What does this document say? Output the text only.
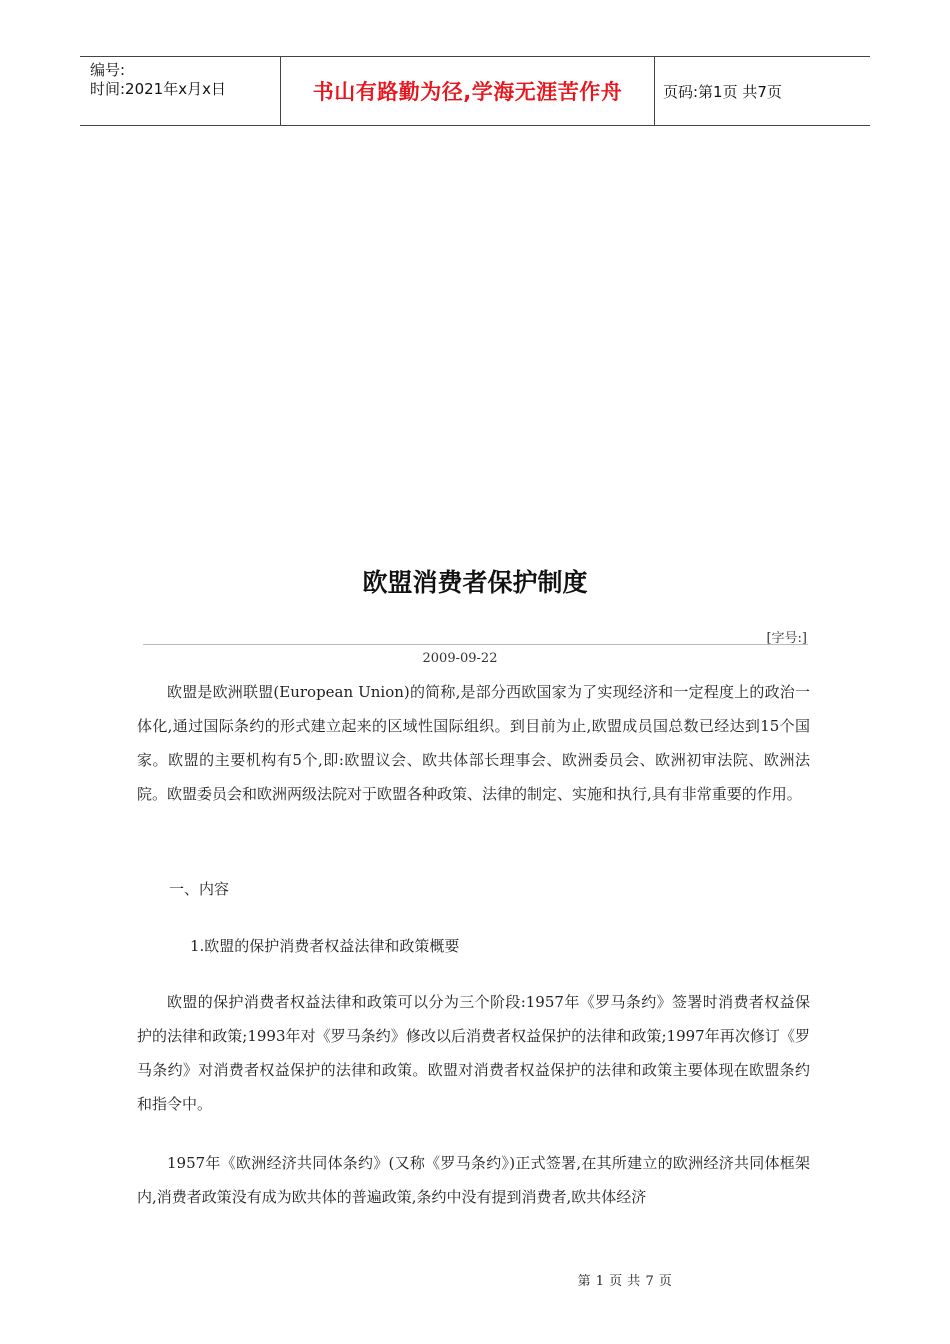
编号:
时间:2021年x月x日	书山有路勤为径,学海无涯苦作舟	页码:第1页 共7页
欧盟消费者保护制度
[字号:]
2009-09-22

欧盟是欧洲联盟(European Union)的简称,是部分西欧国家为了实现经济和一定程度上的政治一体化,通过国际条约的形式建立起来的区域性国际组织。到目前为止,欧盟成员国总数已经达到15个国家。欧盟的主要机构有5个,即:欧盟议会、欧共体部长理事会、欧洲委员会、欧洲初审法院、欧洲法院。欧盟委员会和欧洲两级法院对于欧盟各种政策、法律的制定、实施和执行,具有非常重要的作用。

一、内容
1.欧盟的保护消费者权益法律和政策概要

欧盟的保护消费者权益法律和政策可以分为三个阶段:1957年《罗马条约》签署时消费者权益保护的法律和政策;1993年对《罗马条约》修改以后消费者权益保护的法律和政策;1997年再次修订《罗马条约》对消费者权益保护的法律和政策。欧盟对消费者权益保护的法律和政策主要体现在欧盟条约和指令中。

1957年《欧洲经济共同体条约》(又称《罗马条约》)正式签署,在其所建立的欧洲经济共同体框架内,消费者政策没有成为欧共体的普遍政策,条约中没有提到消费者,欧共体经济

第 1 页 共 7 页
